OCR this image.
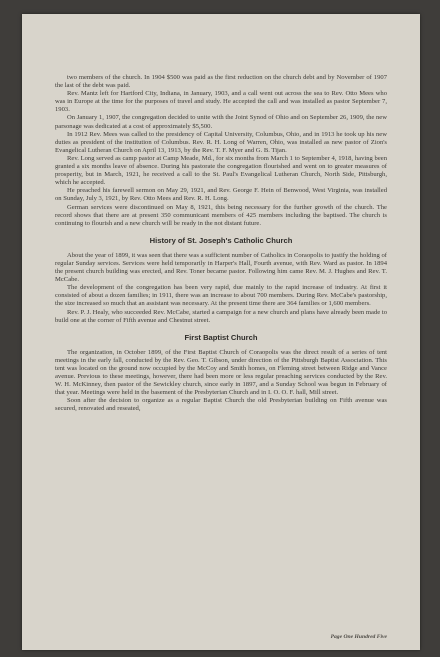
two members of the church. In 1904 $500 was paid as the first reduction on the church debt and by November of 1907 the last of the debt was paid.

Rev. Mantz left for Hartford City, Indiana, in January, 1903, and a call went out across the sea to Rev. Otto Mees who was in Europe at the time for the purposes of travel and study. He accepted the call and was installed as pastor September 7, 1903.

On January 1, 1907, the congregation decided to unite with the Joint Synod of Ohio and on September 26, 1909, the new parsonage was dedicated at a cost of approximately $5,500.

In 1912 Rev. Mees was called to the presidency of Capital University, Columbus, Ohio, and in 1913 he took up his new duties as president of the institution of Columbus. Rev. R. H. Long of Warren, Ohio, was installed as new pastor of Zion's Evangelical Lutheran Church on April 13, 1913, by the Rev. T. F. Myer and G. B. Tijan.

Rev. Long served as camp pastor at Camp Meade, Md., for six months from March 1 to September 4, 1918, having been granted a six months leave of absence. During his pastorate the congregation flourished and went on to greater measures of prosperity, but in March, 1921, he received a call to the St. Paul's Evangelical Lutheran Church, North Side, Pittsburgh, which he accepted.

He preached his farewell sermon on May 29, 1921, and Rev. George F. Hein of Benwood, West Virginia, was installed on Sunday, July 3, 1921, by Rev. Otto Mees and Rev. R. H. Long.

German services were discontinued on May 8, 1921, this being necessary for the further growth of the church. The record shows that there are at present 350 communicant members of 425 members including the baptised. The church is continuing to flourish and a new church will be ready in the not distant future.

History of St. Joseph's Catholic Church

About the year of 1899, it was seen that there was a sufficient number of Catholics in Coraopolis to justify the holding of regular Sunday services. Services were held temporarily in Harper's Hall, Fourth avenue, with Rev. Ward as pastor. In 1894 the present church building was erected, and Rev. Toner became pastor. Following him came Rev. M. J. Hughes and Rev. T. McCabe.

The development of the congregation has been very rapid, due mainly to the rapid increase of industry. At first it consisted of about a dozen families; in 1911, there was an increase to about 700 members. During Rev. McCabe's pastorship, the size increased so much that an assistant was necessary. At the present time there are 364 families or 1,600 members.

Rev. P. J. Healy, who succeeded Rev. McCabe, started a campaign for a new church and plans have already been made to build one at the corner of Fifth avenue and Chestnut street.

First Baptist Church

The organization, in October 1899, of the First Baptist Church of Coraopolis was the direct result of a series of tent meetings in the early fall, conducted by the Rev. Geo. T. Gibson, under direction of the Pittsburgh Baptist Association. This tent was located on the ground now occupied by the McCoy and Smith homes, on Fleming street between Ridge and Vance avenue. Previous to these meetings, however, there had been more or less regular preaching services conducted by the Rev. W. H. McKinney, then pastor of the Sewickley church, since early in 1897, and a Sunday School was begun in February of that year. Meetings were held in the basement of the Presbyterian Church and in I. O. O. F. hall, Mill street.

Soon after the decision to organize as a regular Baptist Church the old Presbyterian building on Fifth avenue was secured, renovated and reseated,

Page One Hundred Five
